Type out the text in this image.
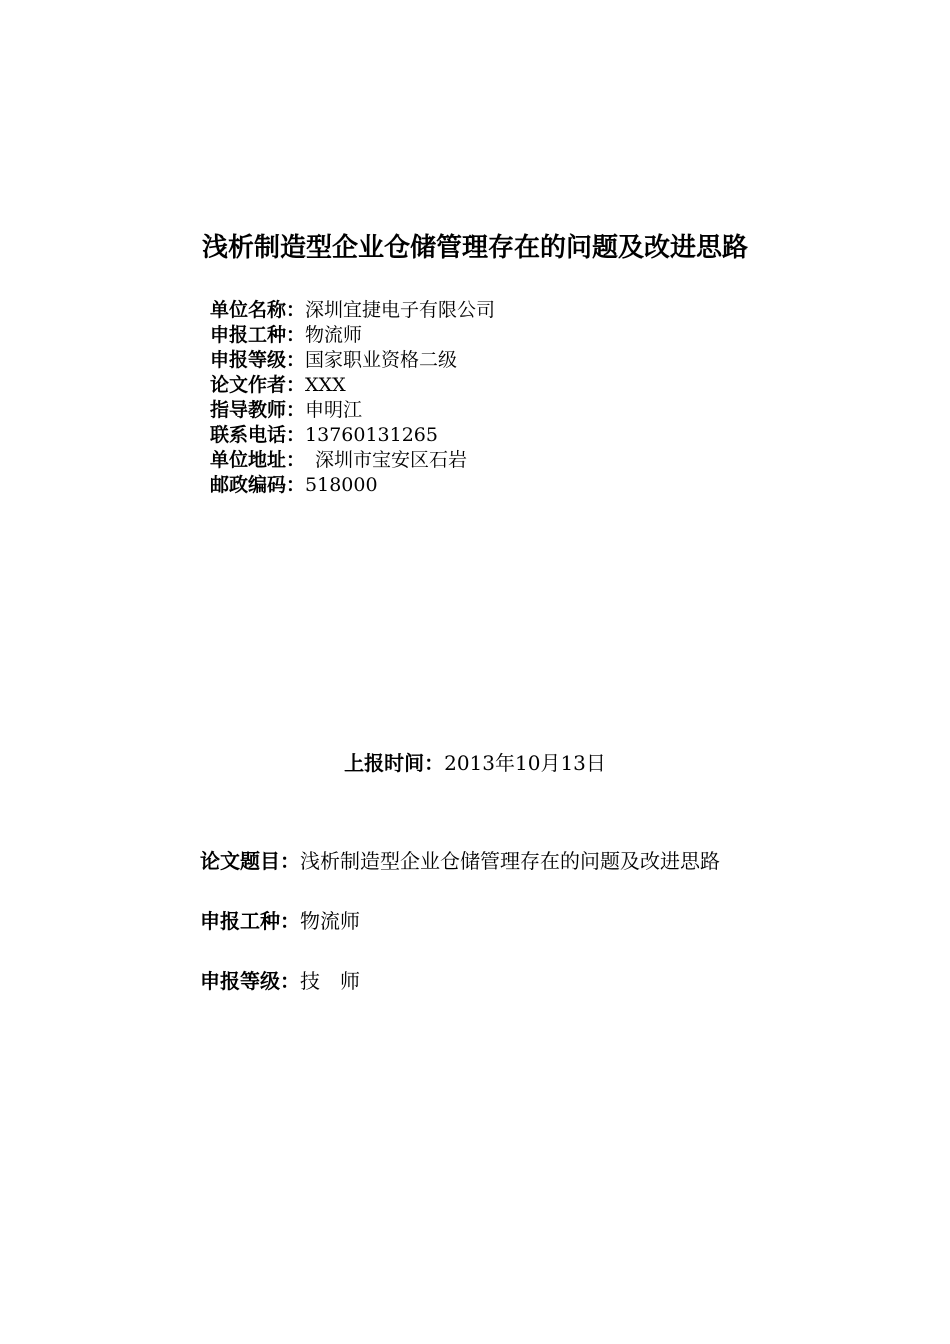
浅析制造型企业仓储管理存在的问题及改进思路
单位名称：深圳宜捷电子有限公司
申报工种：物流师
申报等级：国家职业资格二级
论文作者：XXX
指导教师：申明江
联系电话：13760131265
单位地址： 深圳市宝安区石岩
邮政编码：518000
上报时间：2013年10月13日
论文题目：浅析制造型企业仓储管理存在的问题及改进思路
申报工种：物流师
申报等级：技　师
